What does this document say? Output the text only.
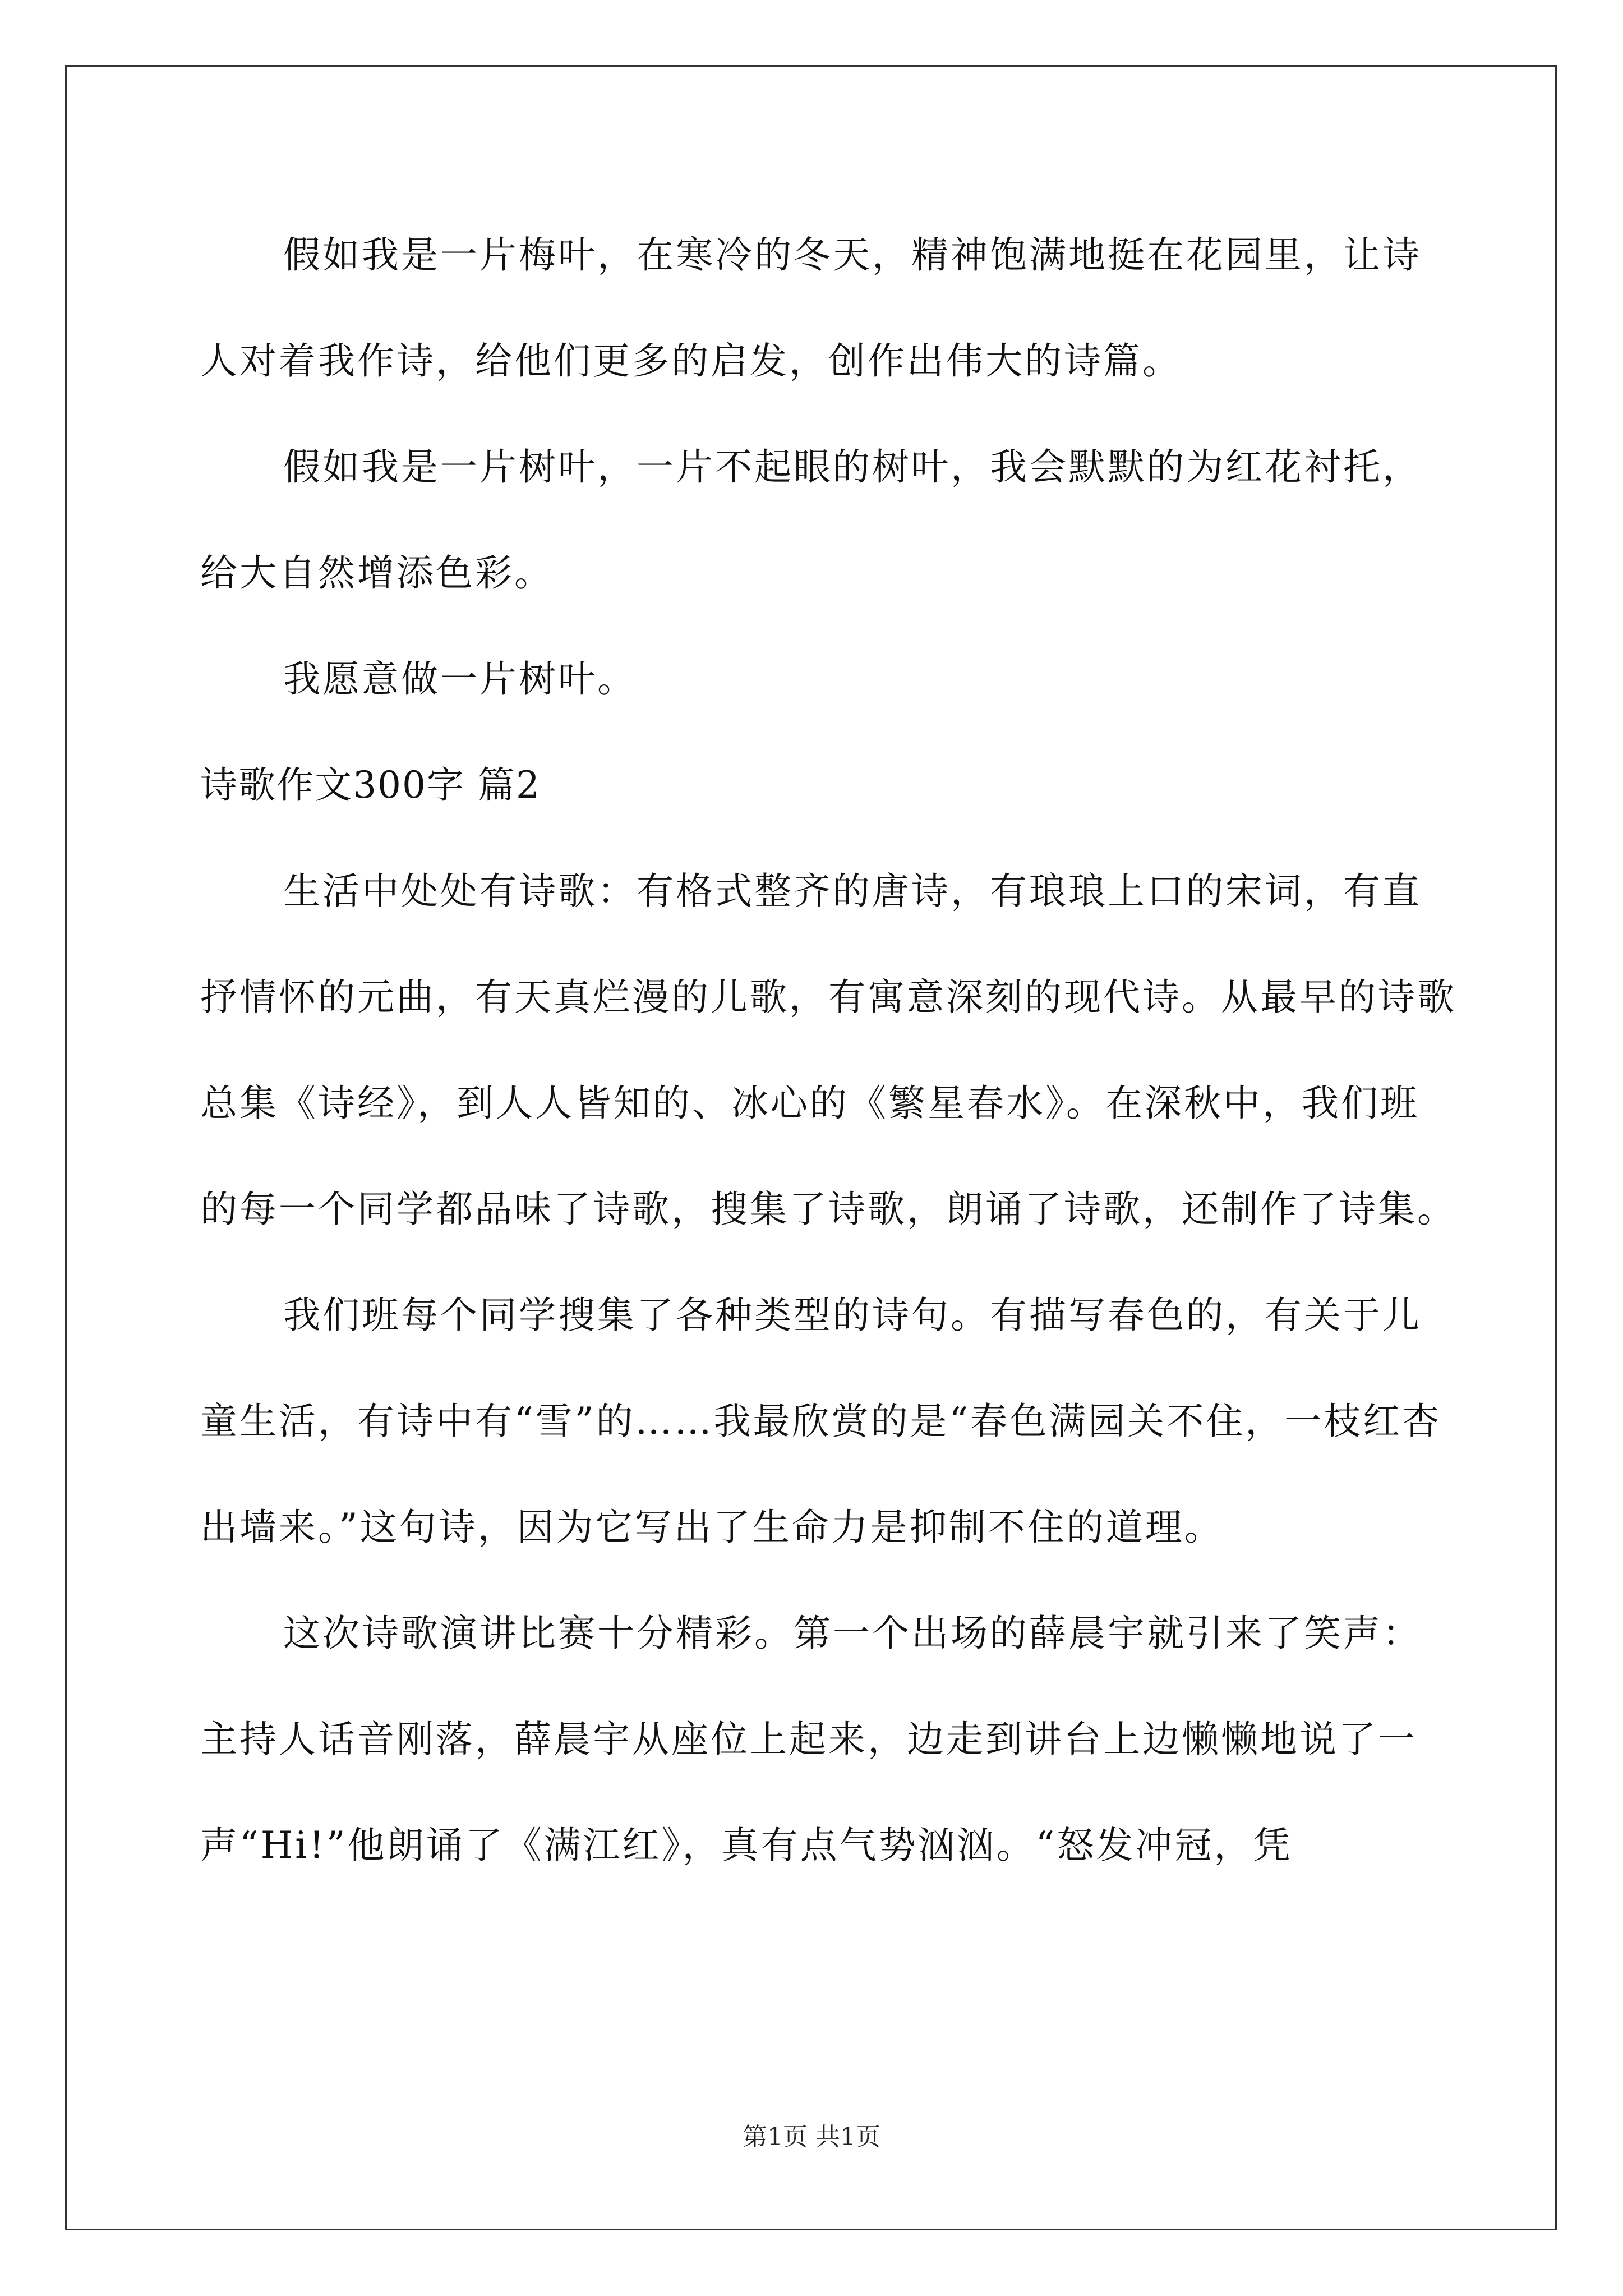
假如我是一片梅叶，在寒冷的冬天，精神饱满地挺在花园里，让诗人对着我作诗，给他们更多的启发，创作出伟大的诗篇。

假如我是一片树叶，一片不起眼的树叶，我会默默的为红花衬托，给大自然增添色彩。

我愿意做一片树叶。

诗歌作文300字 篇2

生活中处处有诗歌：有格式整齐的唐诗，有琅琅上口的宋词，有直抒情怀的元曲，有天真烂漫的儿歌，有寓意深刻的现代诗。从最早的诗歌总集《诗经》，到人人皆知的、冰心的《繁星春水》。在深秋中，我们班的每一个同学都品味了诗歌，搜集了诗歌，朗诵了诗歌，还制作了诗集。

我们班每个同学搜集了各种类型的诗句。有描写春色的，有关于儿童生活，有诗中有“雪”的……我最欣赏的是“春色满园关不住，一枝红杏出墙来。”这句诗，因为它写出了生命力是抑制不住的道理。

这次诗歌演讲比赛十分精彩。第一个出场的薛晨宇就引来了笑声：主持人话音刚落，薛晨宇从座位上起来，边走到讲台上边懒懒地说了一声“Hi!”他朗诵了《满江红》，真有点气势汹汹。“怒发冲冠，凭

第1页 共1页
